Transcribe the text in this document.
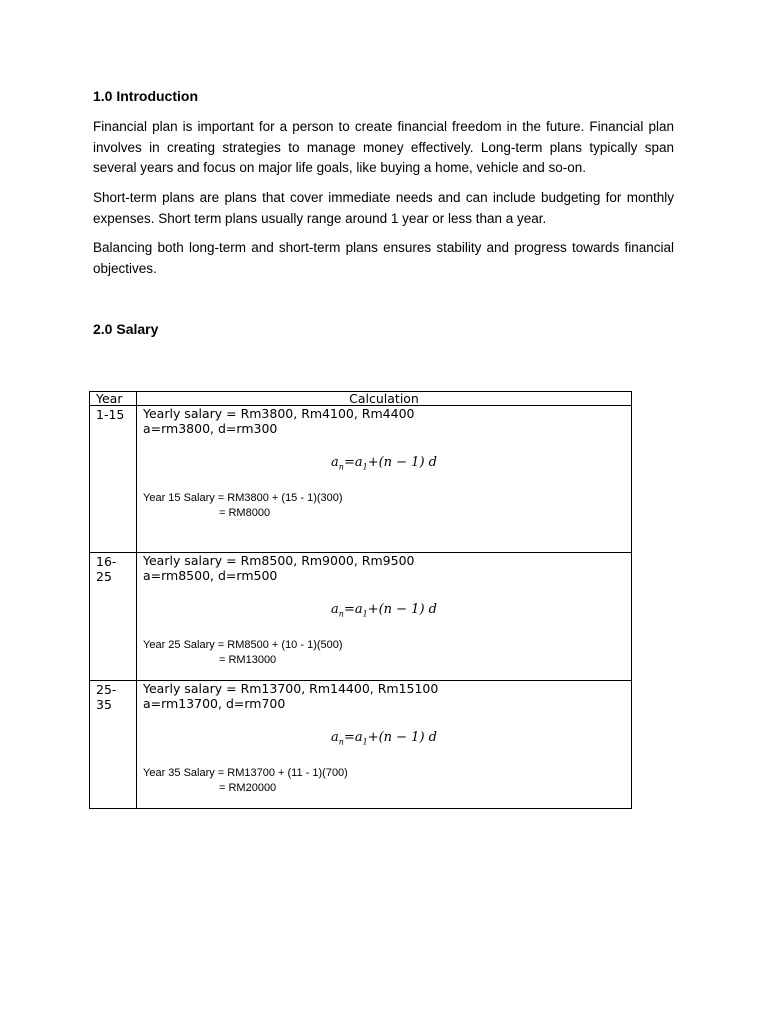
1.0 Introduction

Financial plan is important for a person to create financial freedom in the future. Financial plan involves in creating strategies to manage money effectively. Long-term plans typically span several years and focus on major life goals, like buying a home, vehicle and so-on.

Short-term plans are plans that cover immediate needs and can include budgeting for monthly expenses. Short term plans usually range around 1 year or less than a year.

Balancing both long-term and short-term plans ensures stability and progress towards financial objectives.

2.0 Salary
Year	Calculation
1-15	Yearly salary = Rm3800, Rm4100, Rm4400
a=rm3800, d=rm300
$a_n=a_1+(n - 1)$ d
Year 15 Salary = RM3800 + (15 - 1)(300)
= RM8000

16-25	Yearly salary = Rm8500, Rm9000, Rm9500
a=rm8500, d=rm500
$a_n=a_1+(n - 1)$ d
Year 25 Salary = RM8500 + (10 - 1)(500)
= RM13000

25-35	Yearly salary = Rm13700, Rm14400, Rm15100
a=rm13700, d=rm700
$a_n=a_1+(n - 1)$ d
Year 35 Salary = RM13700 + (11 - 1)(700)
= RM20000
